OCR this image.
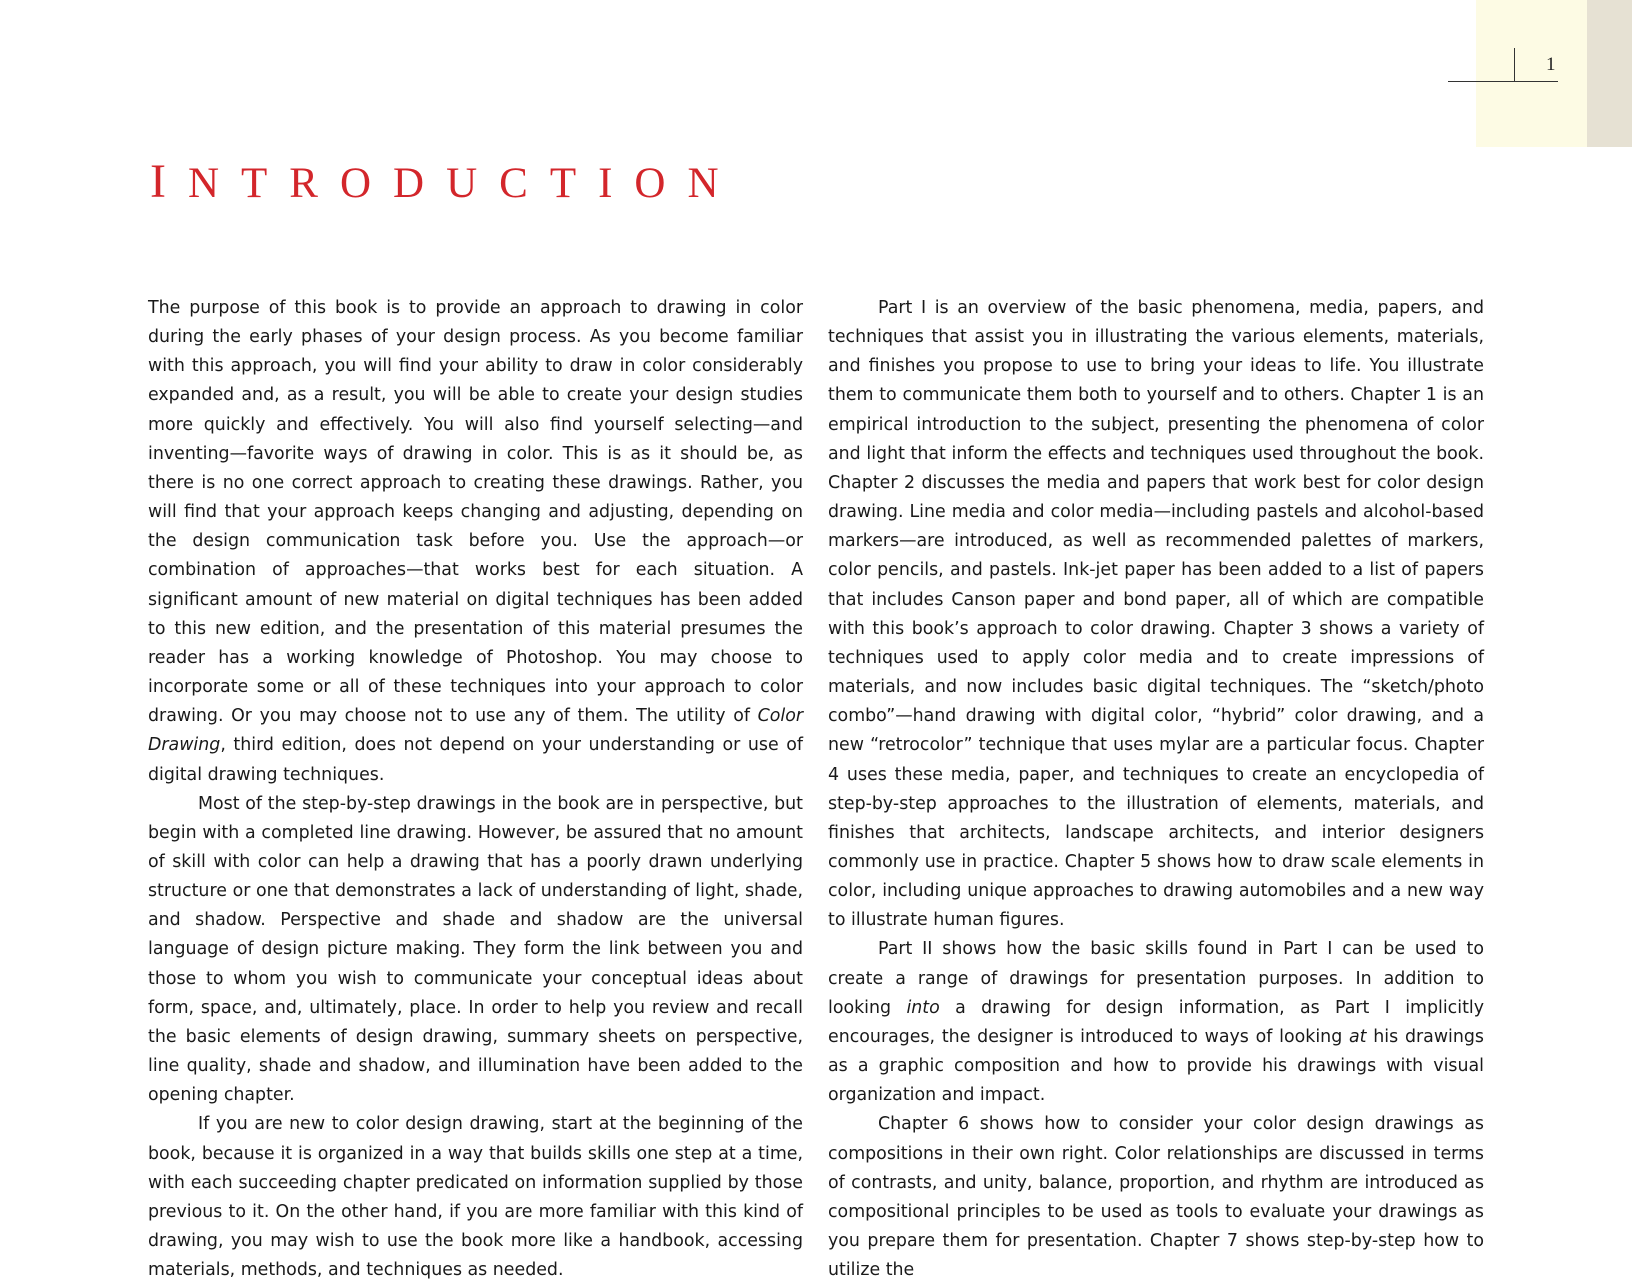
1
INTRODUCTION

The purpose of this book is to provide an approach to drawing in color during the early phases of your design process. As you become familiar with this approach, you will find your ability to draw in color considerably expanded and, as a result, you will be able to create your design studies more quickly and effectively. You will also find yourself selecting—and inventing—favorite ways of drawing in color. This is as it should be, as there is no one correct approach to creating these drawings. Rather, you will find that your approach keeps changing and adjusting, depending on the design communication task before you. Use the approach—or combination of approaches—that works best for each situation. A significant amount of new material on digital techniques has been added to this new edition, and the presentation of this material presumes the reader has a working knowledge of Photoshop. You may choose to incorporate some or all of these techniques into your approach to color drawing. Or you may choose not to use any of them. The utility of Color Drawing, third edition, does not depend on your understanding or use of digital drawing techniques.

Most of the step-by-step drawings in the book are in perspective, but begin with a completed line drawing. However, be assured that no amount of skill with color can help a drawing that has a poorly drawn underlying structure or one that demonstrates a lack of understanding of light, shade, and shadow. Perspective and shade and shadow are the universal language of design picture making. They form the link between you and those to whom you wish to communicate your conceptual ideas about form, space, and, ultimately, place. In order to help you review and recall the basic elements of design drawing, summary sheets on perspective, line quality, shade and shadow, and illumination have been added to the opening chapter.

If you are new to color design drawing, start at the beginning of the book, because it is organized in a way that builds skills one step at a time, with each succeeding chapter predicated on information supplied by those previous to it. On the other hand, if you are more familiar with this kind of drawing, you may wish to use the book more like a handbook, accessing materials, methods, and techniques as needed.

Part I is an overview of the basic phenomena, media, papers, and techniques that assist you in illustrating the various elements, materials, and finishes you propose to use to bring your ideas to life. You illustrate them to communicate them both to yourself and to others. Chapter 1 is an empirical introduction to the subject, presenting the phenomena of color and light that inform the effects and techniques used throughout the book. Chapter 2 discusses the media and papers that work best for color design drawing. Line media and color media—including pastels and alcohol-based markers—are introduced, as well as recommended palettes of markers, color pencils, and pastels. Ink-jet paper has been added to a list of papers that includes Canson paper and bond paper, all of which are compatible with this book’s approach to color drawing. Chapter 3 shows a variety of techniques used to apply color media and to create impressions of materials, and now includes basic digital techniques. The “sketch/photo combo”—hand drawing with digital color, “hybrid” color drawing, and a new “retrocolor” technique that uses mylar are a particular focus. Chapter 4 uses these media, paper, and techniques to create an encyclopedia of step-by-step approaches to the illustration of elements, materials, and finishes that architects, landscape architects, and interior designers commonly use in practice. Chapter 5 shows how to draw scale elements in color, including unique approaches to drawing automobiles and a new way to illustrate human figures.

Part II shows how the basic skills found in Part I can be used to create a range of drawings for presentation purposes. In addition to looking into a drawing for design information, as Part I implicitly encourages, the designer is introduced to ways of looking at his drawings as a graphic composition and how to provide his drawings with visual organization and impact.

Chapter 6 shows how to consider your color design drawings as compositions in their own right. Color relationships are discussed in terms of contrasts, and unity, balance, proportion, and rhythm are introduced as compositional principles to be used as tools to evaluate your drawings as you prepare them for presentation. Chapter 7 shows step-by-step how to utilize the
